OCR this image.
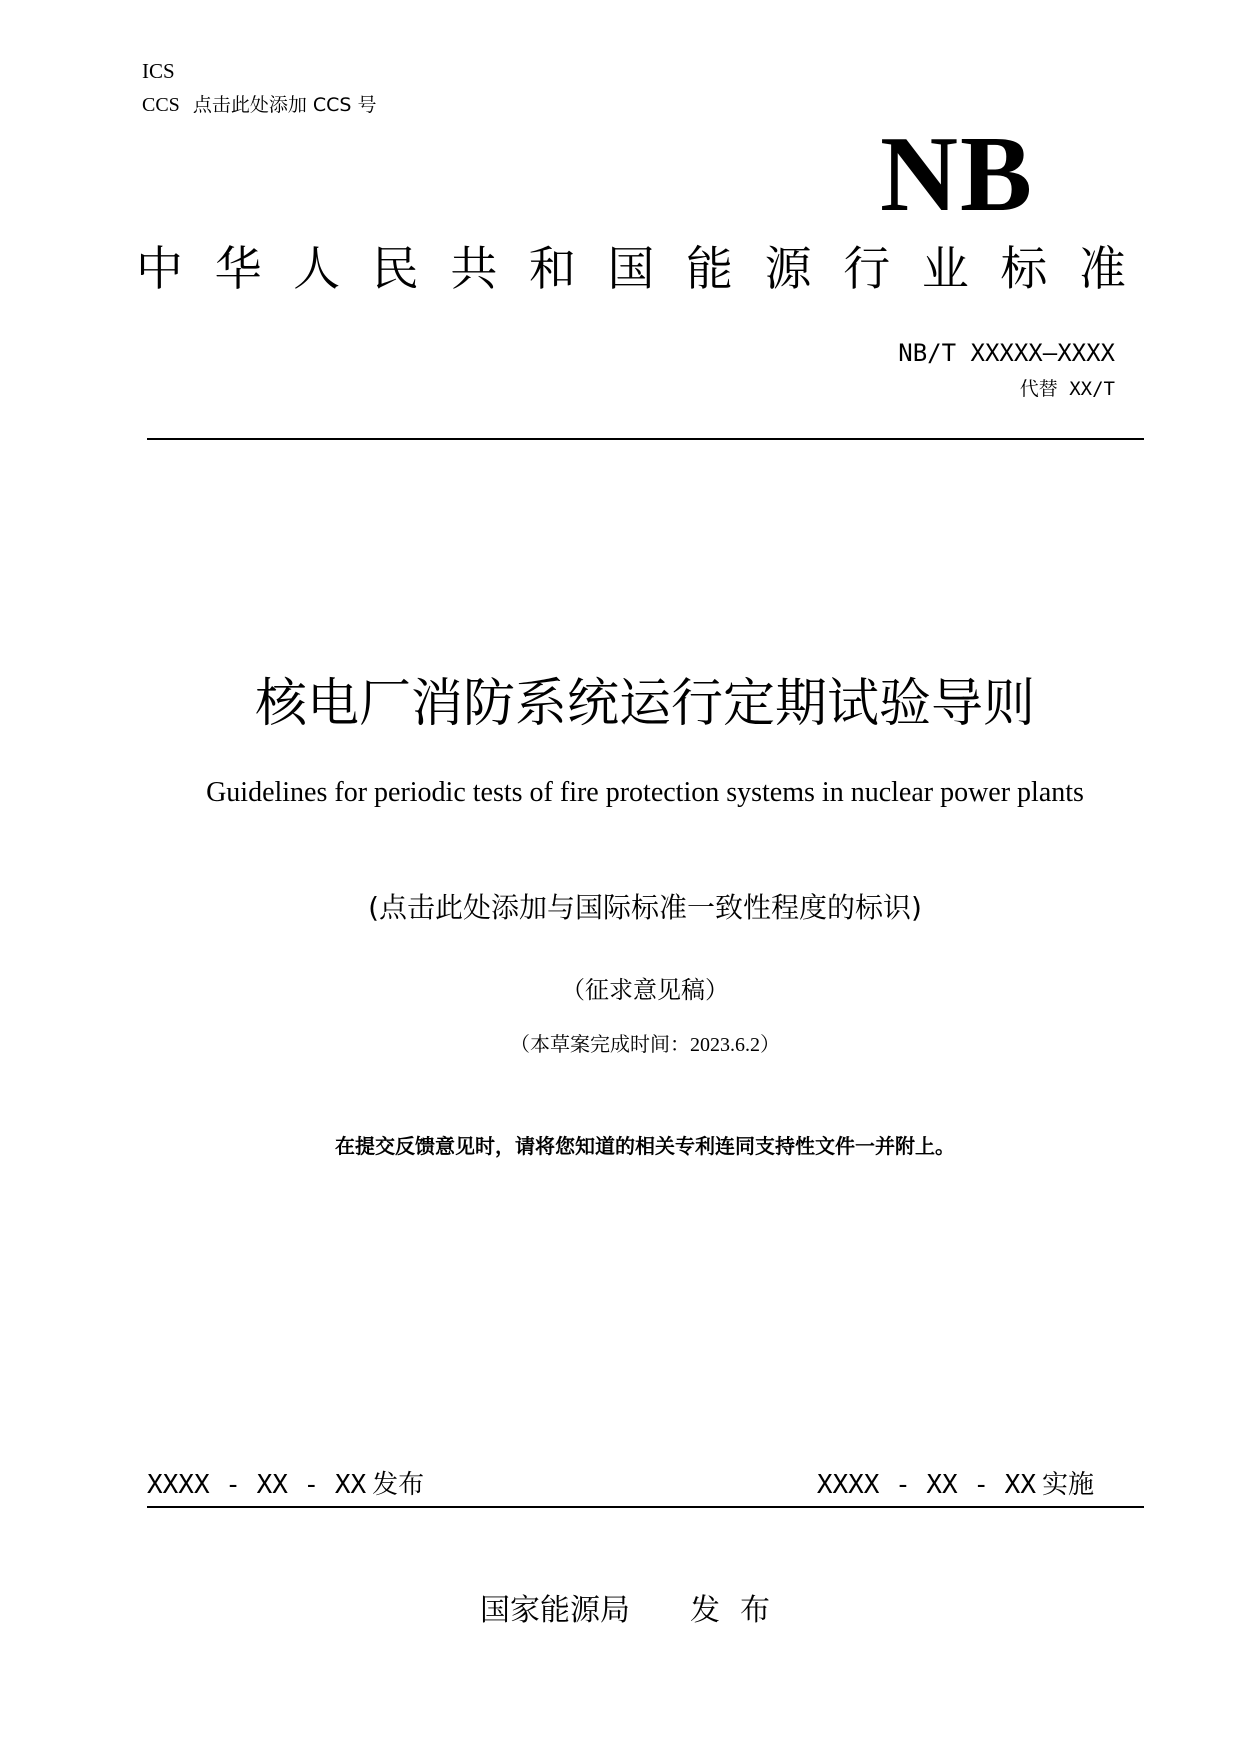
ICS
CCS 点击此处添加 CCS 号
NB
中 华 人 民 共 和 国 能 源 行 业 标 准
NB/T XXXXX—XXXX
代替 XX/T
核电厂消防系统运行定期试验导则
Guidelines for periodic tests of fire protection systems in nuclear power plants
(点击此处添加与国际标准一致性程度的标识)
（征求意见稿）
（本草案完成时间：2023.6.2）
在提交反馈意见时，请将您知道的相关专利连同支持性文件一并附上。
XXXX - XX - XX 发布	XXXX - XX - XX 实施
国家能源局 发布
